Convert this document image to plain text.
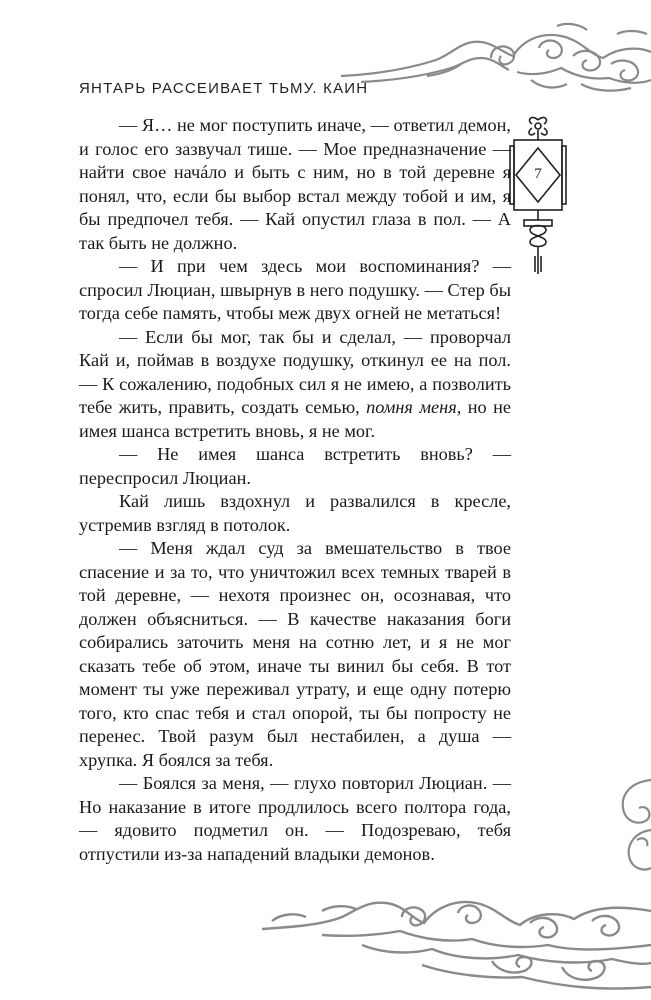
ЯНТАРЬ РАССЕИВАЕТ ТЬМУ. КАИН
7

— Я… не мог поступить иначе, — ответил демон, и голос его зазвучал тише. — Мое предназначение — найти свое начáло и быть с ним, но в той деревне я понял, что, если бы выбор встал между тобой и им, я бы предпочел тебя. — Кай опустил глаза в пол. — А так быть не должно.

— И при чем здесь мои воспоминания? — спросил Люциан, швырнув в него подушку. — Стер бы тогда себе память, чтобы меж двух огней не метаться!

— Если бы мог, так бы и сделал, — проворчал Кай и, поймав в воздухе подушку, откинул ее на пол. — К сожалению, подобных сил я не имею, а позволить тебе жить, править, создать семью, помня меня, но не имея шанса встретить вновь, я не мог.

— Не имея шанса встретить вновь? — переспросил Люциан.

Кай лишь вздохнул и развалился в кресле, устремив взгляд в потолок.

— Меня ждал суд за вмешательство в твое спасение и за то, что уничтожил всех темных тварей в той деревне, — нехотя произнес он, осознавая, что должен объясниться. — В качестве наказания боги собирались заточить меня на сотню лет, и я не мог сказать тебе об этом, иначе ты винил бы себя. В тот момент ты уже переживал утрату, и еще одну потерю того, кто спас тебя и стал опорой, ты бы попросту не перенес. Твой разум был нестабилен, а душа — хрупка. Я боялся за тебя.

— Боялся за меня, — глухо повторил Люциан. — Но наказание в итоге продлилось всего полтора года, — ядовито подметил он. — Подозреваю, тебя отпустили из-за нападений владыки демонов.
